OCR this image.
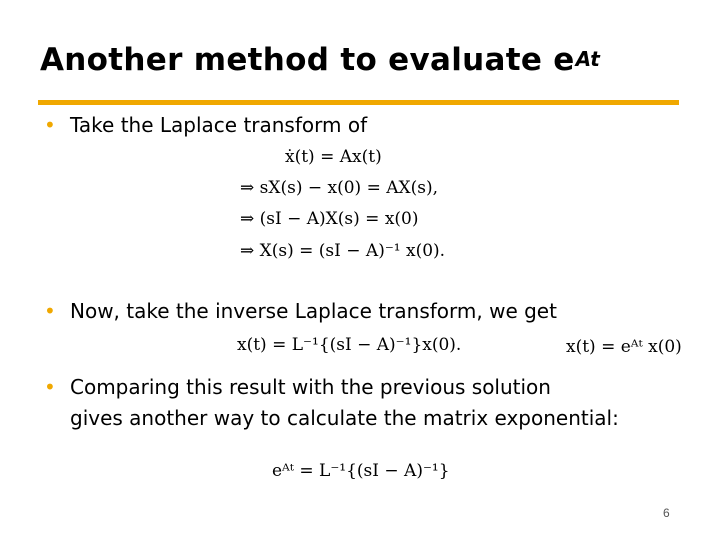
Another method to evaluate $e^{At}$
• Take the Laplace transform of
ẋ(t) = Ax(t)
⇒ sX(s) − x(0) = AX(s),
⇒ (sI − A)X(s) = x(0)
⇒ X(s) = (sI − A)⁻¹ x(0).
• Now, take the inverse Laplace transform, we get
x(t) = L⁻¹{(sI − A)⁻¹}x(0).	x(t) = eᴬᵗ x(0)
• Comparing this result with the previous solution
gives another way to calculate the matrix exponential:
eᴬᵗ = L⁻¹{(sI − A)⁻¹}
6
